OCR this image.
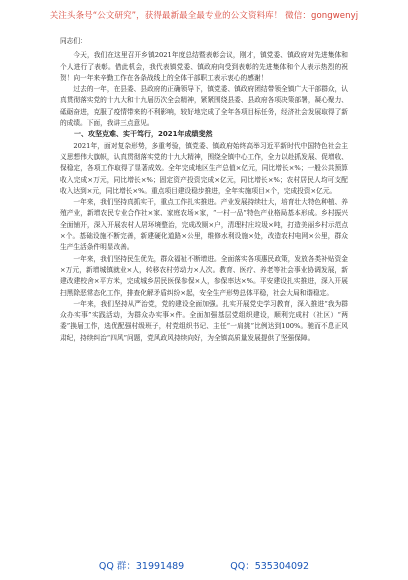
关注头条号“公文研究”，获得最新最全最专业的公文资料库！ 微信：gongwenyj

同志们：

今天，我们在这里召开乡镇2021年度总结暨表彰会议，刚才，镇党委、镇政府对先进集体和个人进行了表彰。借此机会，我代表镇党委、镇政府向受到表彰的先进集体和个人表示热烈的祝贺！向一年来辛勤工作在各条战线上的全体干部职工表示衷心的感谢！

过去的一年，在县委、县政府的正确领导下，镇党委、镇政府团结带领全镇广大干部群众，认真贯彻落实党的十九大和十九届历次全会精神，紧紧围绕县委、县政府各项决策部署，凝心聚力、砥砺奋进，克服了疫情带来的不利影响，较好地完成了全年各项目标任务，经济社会发展取得了新的成绩。下面，我讲三点意见。

一、攻坚克难、实干笃行，2021年成绩斐然

2021年，面对复杂形势，多重考验，镇党委、镇政府始终高举习近平新时代中国特色社会主义思想伟大旗帜，认真贯彻落实党的十九大精神，围绕全镇中心工作，全力以赴抓发展、促增收、保稳定，各项工作取得了显著成效。全年完成地区生产总值×亿元，同比增长×%；一般公共预算收入完成×万元，同比增长×%；固定资产投资完成×亿元，同比增长×%；农村居民人均可支配收入达到×元，同比增长×%。重点项目建设稳步推进，全年实施项目×个，完成投资×亿元。

一年来，我们坚持真抓实干，重点工作扎实推进。产业发展持续壮大，培育壮大特色种植、养殖产业，新增农民专业合作社×家、家庭农场×家，“一村一品”特色产业格局基本形成。乡村振兴全面铺开，深入开展农村人居环境整治，完成改厕×户，清理村庄垃圾×吨，打造美丽乡村示范点×个。基础设施不断完善，新建硬化道路×公里，维修水利设施×处，改造农村电网×公里，群众生产生活条件明显改善。

一年来，我们坚持民生优先，群众福祉不断增进。全面落实各项惠民政策，发放各类补贴资金×万元，新增城镇就业×人，转移农村劳动力×人次。教育、医疗、养老等社会事业协调发展，新建改建校舍×平方米，完成城乡居民医保参保×人，参保率达×%。平安建设扎实推进，深入开展扫黑除恶常态化工作，排查化解矛盾纠纷×起，安全生产形势总体平稳，社会大局和谐稳定。

一年来，我们坚持从严治党，党的建设全面加强。扎实开展党史学习教育，深入推进“我为群众办实事”实践活动，为群众办实事×件。全面加强基层党组织建设，顺利完成村（社区）“两委”换届工作，选优配强村级班子，村党组织书记、主任“一肩挑”比例达到100%。驰而不息正风肃纪，持续纠治“四风”问题，党风政风持续向好，为全镇高质量发展提供了坚强保障。

QQ 群：31991489	QQ：535304092
